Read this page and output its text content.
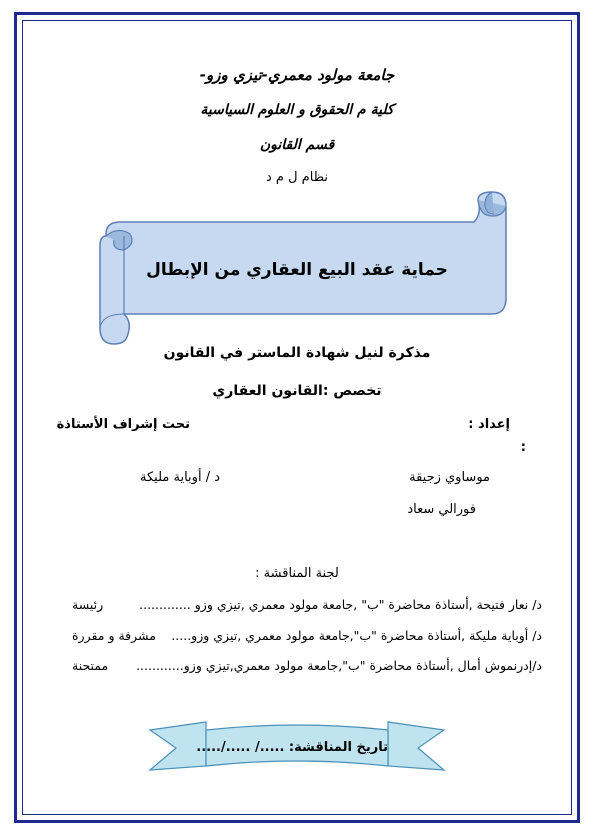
جامعة مولود معمري-تيزي وزو-
كلية م الحقوق و العلوم السياسية
قسم القانون
نظام ل م د
حماية عقد البيع العقاري من الإبطال
مذكرة لنيل شهادة الماستر في القانون
تخصص :القانون العقاري
إعداد :
:
تحت إشراف الأستاذة
موساوي زجيقة
فورالي سعاد
د / أوباية مليكة
لجنة المناقشة :
د/ نعار فتيحة ,أستاذة محاضرة "ب" ,جامعة مولود معمري ,تيزي وزو .............
رئيسة
د/ أوباية مليكة ,أستاذة محاضرة "ب",جامعة مولود معمري ,تيزي وزو.....
مشرفة و مقررة
د/إدرنموش أمال ,أستاذة محاضرة "ب",جامعة مولود معمري,تيزي وزو............
ممتحنة
تاريخ المناقشة: ...../ ...../.....
